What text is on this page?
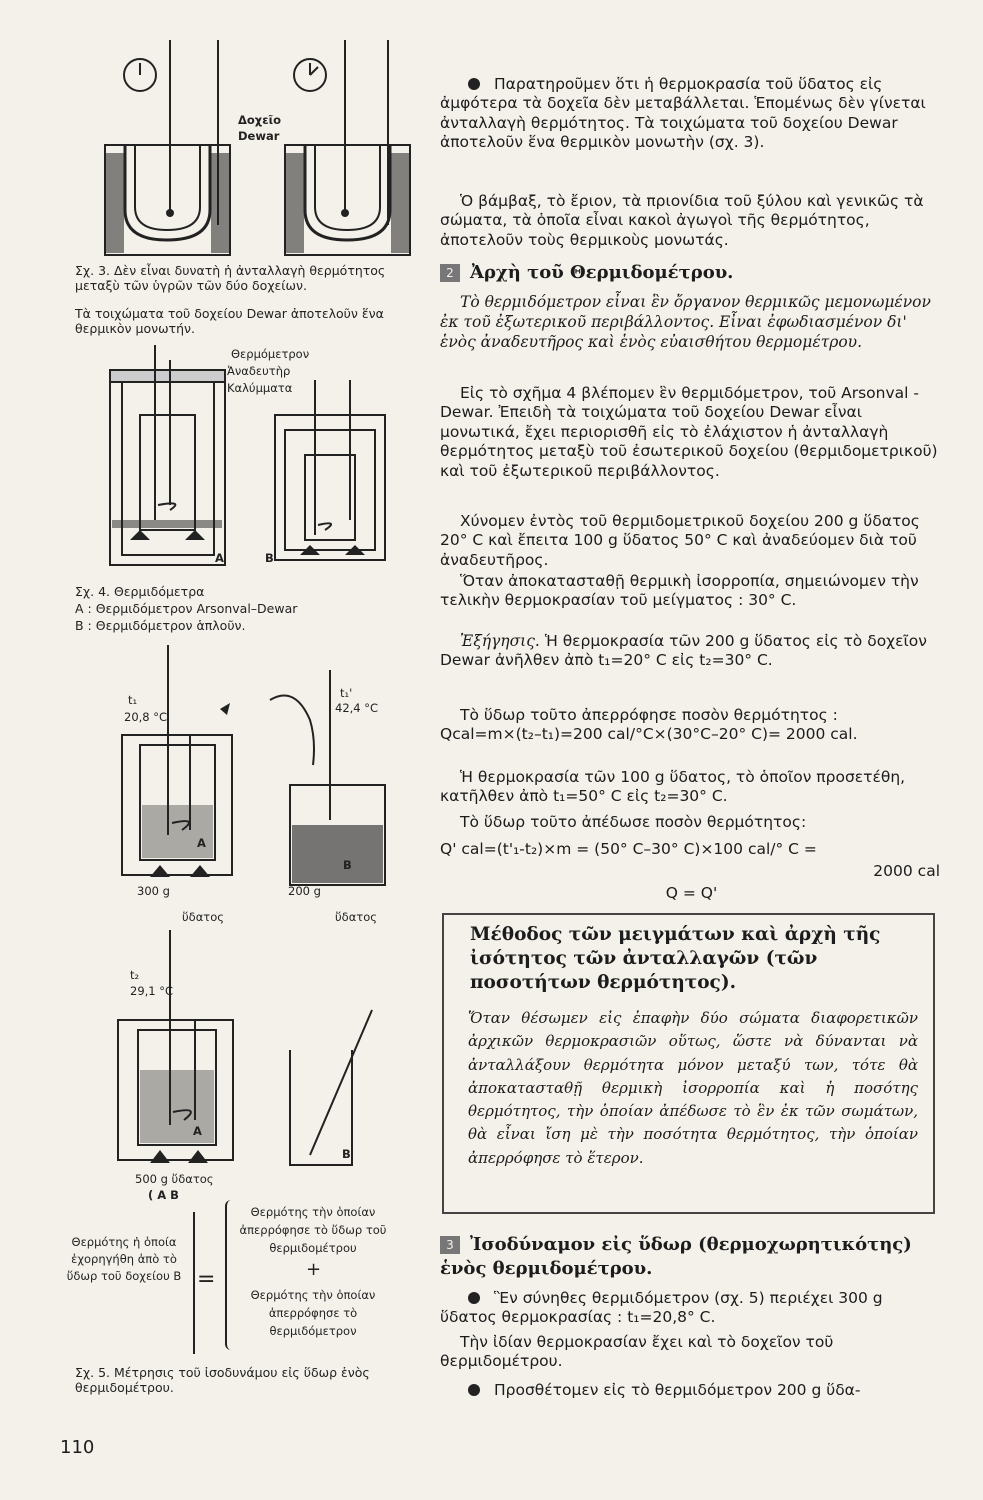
Δοχεῖο Dewar
Σχ. 3. Δὲν εἶναι δυνατὴ ἡ ἀνταλλαγὴ θερμότητος μεταξὺ τῶν ὑγρῶν τῶν δύο δοχείων.
Τὰ τοιχώματα τοῦ δοχείου Dewar ἀποτελοῦν ἕνα θερμικὸν μονωτήν.
Θερμόμετρον
Ἀναδευτὴρ
Καλύμματα
A	B
Σχ. 4. Θερμιδόμετρα
A : Θερμιδόμετρον Arsonval–Dewar
B : Θερμιδόμετρον ἁπλοῦν.
t₁
20,8 °C
t₁'
42,4 °C
A
B
300 g	200 g
ὕδατος	ὕδατος
t₂
29,1 °C
A
B
500 g ὕδατος
( A B
Θερμότης ἡ ὁποία ἐχορηγήθη ἀπὸ τὸ ὕδωρ τοῦ δοχείου B =
Θερμότης τὴν ὁποίαν ἀπερρόφησε τὸ ὕδωρ τοῦ θερμιδομέτρου
+
Θερμότης τὴν ὁποίαν ἀπερρόφησε τὸ θερμιδόμετρον
Σχ. 5. Μέτρησις τοῦ ἰσοδυνάμου εἰς ὕδωρ ἑνὸς θερμιδομέτρου.

Παρατηροῦμεν ὅτι ἡ θερμοκρασία τοῦ ὕδατος εἰς ἀμφότερα τὰ δοχεῖα δὲν μεταβάλλεται. Ἑπομένως δὲν γίνεται ἀνταλλαγὴ θερμότητος. Τὰ τοιχώματα τοῦ δοχείου Dewar ἀποτελοῦν ἕνα θερμικὸν μονωτὴν (σχ. 3).

Ὁ βάμβαξ, τὸ ἔριον, τὰ πριονίδια τοῦ ξύλου καὶ γενικῶς τὰ σώματα, τὰ ὁποῖα εἶναι κακοὶ ἀγωγοὶ τῆς θερμότητος, ἀποτελοῦν τοὺς θερμικοὺς μονωτάς.

2 Ἀρχὴ τοῦ Θερμιδομέτρου.

Τὸ θερμιδόμετρον εἶναι ἓν ὄργανον θερμικῶς μεμονωμένον ἐκ τοῦ ἐξωτερικοῦ περιβάλλοντος. Εἶναι ἐφωδιασμένον δι' ἑνὸς ἀναδευτῆρος καὶ ἑνὸς εὐαισθήτου θερμομέτρου.

Εἰς τὸ σχῆμα 4 βλέπομεν ἓν θερμιδόμετρον, τοῦ Arsonval - Dewar. Ἐπειδὴ τὰ τοιχώματα τοῦ δοχείου Dewar εἶναι μονωτικά, ἔχει περιορισθῆ εἰς τὸ ἐλάχιστον ἡ ἀνταλλαγὴ θερμότητος μεταξὺ τοῦ ἐσωτερικοῦ δοχείου (θερμιδομετρικοῦ) καὶ τοῦ ἐξωτερικοῦ περιβάλλοντος.

Χύνομεν ἐντὸς τοῦ θερμιδομετρικοῦ δοχείου 200 g ὕδατος 20° C καὶ ἔπειτα 100 g ὕδατος 50° C καὶ ἀναδεύομεν διὰ τοῦ ἀναδευτῆρος.

Ὅταν ἀποκατασταθῇ θερμικὴ ἰσορροπία, σημειώνομεν τὴν τελικὴν θερμοκρασίαν τοῦ μείγματος : 30° C.

Ἐξήγησις. Ἡ θερμοκρασία τῶν 200 g ὕδατος εἰς τὸ δοχεῖον Dewar ἀνῆλθεν ἀπὸ t₁=20° C εἰς t₂=30° C.

Τὸ ὕδωρ τοῦτο ἀπερρόφησε ποσὸν θερμότητος :

Qcal=m×(t₂–t₁)=200 cal/°C×(30°C–20° C)= 2000 cal.

Ἡ θερμοκρασία τῶν 100 g ὕδατος, τὸ ὁποῖον προσετέθη, κατῆλθεν ἀπὸ t₁=50° C εἰς t₂=30° C.

Τὸ ὕδωρ τοῦτο ἀπέδωσε ποσὸν θερμότητος:

Q' cal=(t'₁-t₂)×m = (50° C–30° C)×100 cal/° C =

2000 cal

Q = Q'

Μέθοδος τῶν μειγμάτων καὶ ἀρχὴ τῆς ἰσότητος τῶν ἀνταλλαγῶν (τῶν ποσοτήτων θερμότητος).
Ὅταν θέσωμεν εἰς ἐπαφὴν δύο σώματα διαφορετικῶν ἀρχικῶν θερμοκρασιῶν οὕτως, ὥστε νὰ δύνανται νὰ ἀνταλλάξουν θερμότητα μόνον μεταξύ των, τότε θὰ ἀποκατασταθῇ θερμικὴ ἰσορροπία καὶ ἡ ποσότης θερμότητος, τὴν ὁποίαν ἀπέδωσε τὸ ἓν ἐκ τῶν σωμάτων, θὰ εἶναι ἴση μὲ τὴν ποσότητα θερμότητος, τὴν ὁποίαν ἀπερρόφησε τὸ ἕτερον.
3 Ἰσοδύναμον εἰς ὕδωρ (θερμοχωρητικότης) ἑνὸς θερμιδομέτρου.

Ἓν σύνηθες θερμιδόμετρον (σχ. 5) περιέχει 300 g ὕδατος θερμοκρασίας : t₁=20,8° C.

Τὴν ἰδίαν θερμοκρασίαν ἔχει καὶ τὸ δοχεῖον τοῦ θερμιδομέτρου.

Προσθέτομεν εἰς τὸ θερμιδόμετρον 200 g ὕδα-

110
